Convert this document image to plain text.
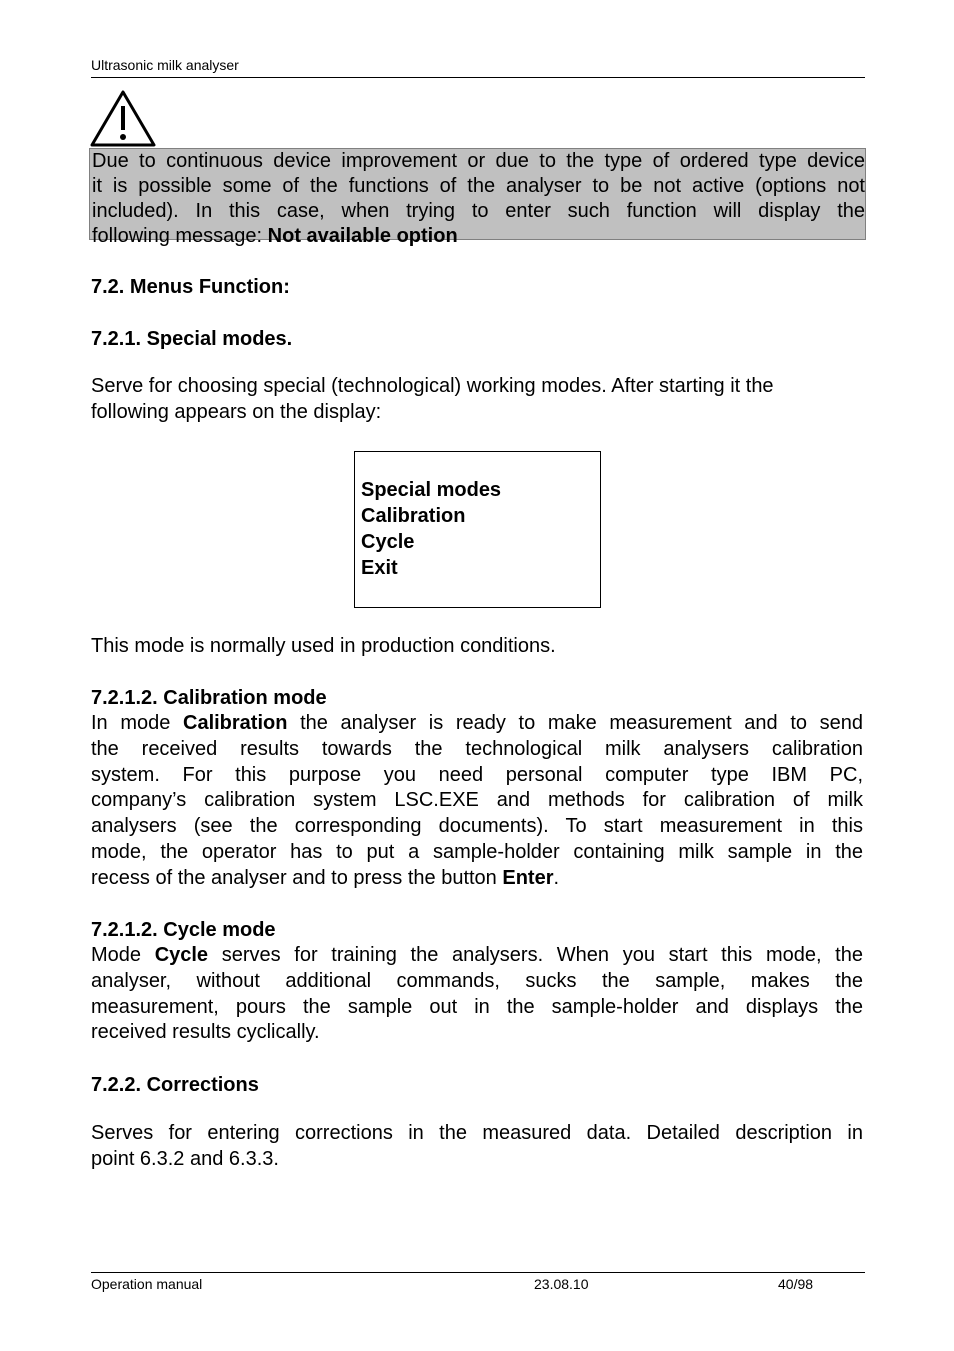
Ultrasonic milk analyser
Due to continuous device improvement or due to the type of ordered type device
it is possible some of the functions of the analyser to be not active (options not
included). In this case, when trying to enter such function will display the
following message: Not available option
7.2. Menus Function:
7.2.1. Special modes.
Serve for choosing special (technological) working modes. After starting it the
following appears on the display:
Special modes
Calibration
Cycle
Exit
This mode is normally used in production conditions.
7.2.1.2. Calibration mode
In mode Calibration the analyser is ready to make measurement and to send
the received results towards the technological milk analysers calibration
system. For this purpose you need personal computer type IBM PC,
company’s calibration system LSC.EXE and methods for calibration of milk
analysers (see the corresponding documents). To start measurement in this
mode, the operator has to put a sample-holder containing milk sample in the
recess of the analyser and to press the button Enter.
7.2.1.2. Cycle mode
Mode Cycle serves for training the analysers. When you start this mode, the
analyser, without additional commands, sucks the sample, makes the
measurement, pours the sample out in the sample-holder and displays the
received results cyclically.
7.2.2. Corrections
Serves for entering corrections in the measured data. Detailed description in
point 6.3.2 and 6.3.3.
Operation manual	23.08.10	40/98
